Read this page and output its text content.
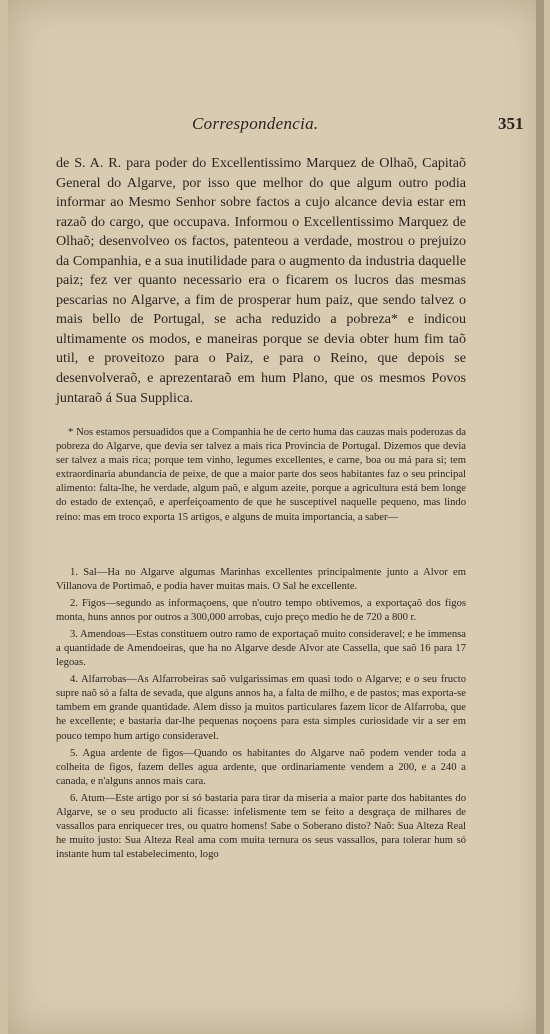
Correspondencia.	351

de S. A. R. para poder do Excellentissimo Marquez de Olhaõ, Capitaõ General do Algarve, por isso que melhor do que algum outro podia informar ao Mesmo Senhor sobre factos a cujo alcance devia estar em razaõ do cargo, que occupava. Informou o Excellentissimo Marquez de Olhaõ; desenvolveo os factos, patenteou a verdade, mostrou o prejuizo da Companhia, e a sua inutilidade para o augmento da industria daquelle paiz; fez ver quanto necessario era o ficarem os lucros das mesmas pescarias no Algarve, a fim de prosperar hum paiz, que sendo talvez o mais bello de Portugal, se acha reduzido a pobreza* e indicou ultimamente os modos, e maneiras porque se devia obter hum fim taõ util, e proveitozo para o Paiz, e para o Reino, que depois se desenvolveraõ, e aprezentaraõ em hum Plano, que os mesmos Povos juntaraõ á Sua Supplica.

* Nos estamos persuadidos que a Companhia he de certo huma das cauzas mais poderozas da pobreza do Algarve, que devia ser talvez a mais rica Provincia de Portugal. Dizemos que devia ser talvez a mais rica; porque tem vinho, legumes excellentes, e carne, boa ou má para si; tem extraordinaria abundancia de peixe, de que a maior parte dos seos habitantes faz o seu principal alimento: falta-lhe, he verdade, algum paõ, e algum azeite, porque a agricultura está bem longe do estado de extençaõ, e aperfeiçoamento de que he susceptivel naquelle pequeno, mas lindo reino: mas em troco exporta 15 artigos, e alguns de muita importancia, a saber—

1. Sal—Ha no Algarve algumas Marinhas excellentes principalmente junto a Alvor em Villanova de Portimaõ, e podia haver muitas mais. O Sal he excellente.

2. Figos—segundo as informaçoens, que n'outro tempo obtivemos, a exportaçaõ dos figos monta, huns annos por outros a 300,000 arrobas, cujo preço medio he de 720 a 800 r.

3. Amendoas—Estas constituem outro ramo de exportaçaõ muito consideravel; e he immensa a quantidade de Amendoeiras, que ha no Algarve desde Alvor ate Cassella, que saõ 16 para 17 legoas.

4. Alfarrobas—As Alfarrobeiras saõ vulgarissimas em quasi todo o Algarve; e o seu fructo supre naõ só a falta de sevada, que alguns annos ha, a falta de milho, e de pastos; mas exporta-se tambem em grande quantidade. Alem disso ja muitos particulares fazem licor de Alfarroba, que he excellente; e bastaria dar-lhe pequenas noçoens para esta simples curiosidade vir a ser em pouco tempo hum artigo consideravel.

5. Agua ardente de figos—Quando os habitantes do Algarve naõ podem vender toda a colheita de figos, fazem delles agua ardente, que ordinariamente vendem a 200, e a 240 a canada, e n'alguns annos mais cara.

6. Atum—Este artigo por si só bastaria para tirar da miseria a maior parte dos habitantes do Algarve, se o seu producto ali ficasse: infelismente tem se feito a desgraça de milhares de vassallos para enriquecer tres, ou quatro homens! Sabe o Soberano disto? Naõ: Sua Alteza Real he muito justo: Sua Alteza Real ama com muita ternura os seus vassallos, para tolerar hum só instante hum tal estabelecimento, logo
